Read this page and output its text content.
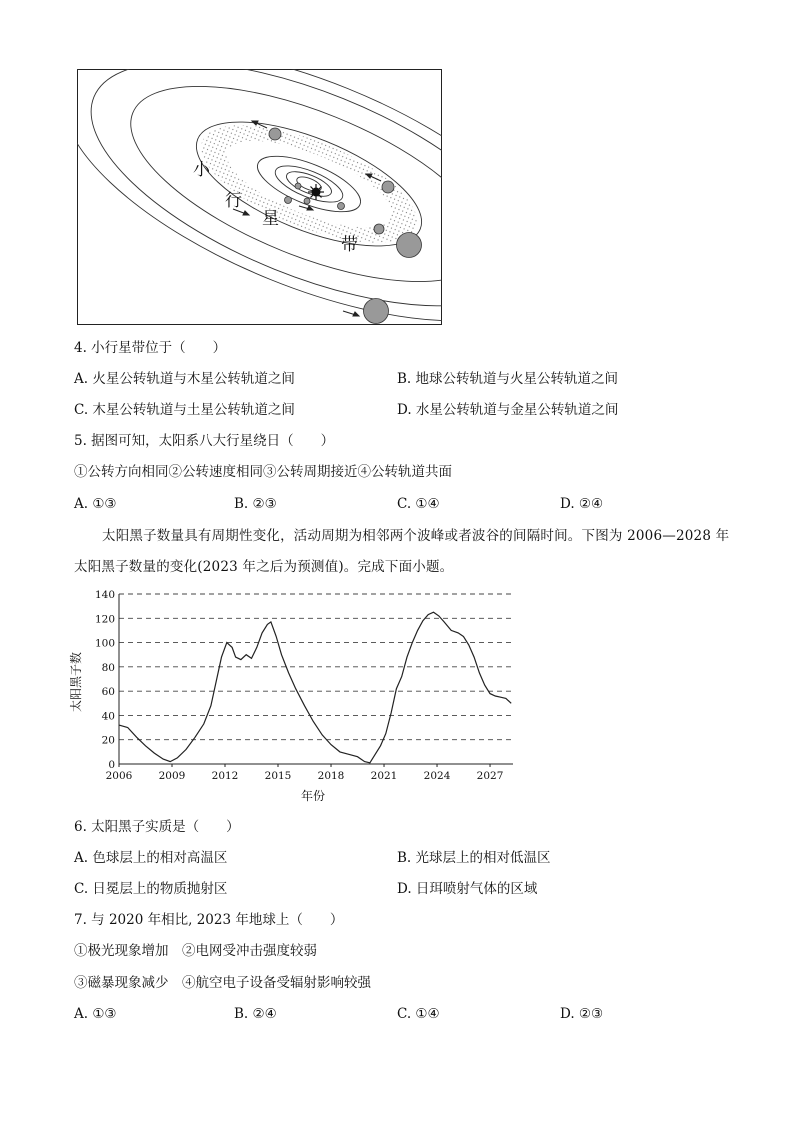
小
行
星
带
4. 小行星带位于（　　）
A. 火星公转轨道与木星公转轨道之间	B. 地球公转轨道与火星公转轨道之间
C. 木星公转轨道与土星公转轨道之间	D. 水星公转轨道与金星公转轨道之间
5. 据图可知，太阳系八大行星绕日（　　）
①公转方向相同②公转速度相同③公转周期接近④公转轨道共面
A. ①③	B. ②③	C. ①④	D. ②④
太阳黑子数量具有周期性变化，活动周期为相邻两个波峰或者波谷的间隔时间。下图为 2006—2028 年
太阳黑子数量的变化(2023 年之后为预测值)。完成下面小题。
0
20
40
60
80
100
120
140
2006	2009	2012	2015	2018	2021	2024	2027
太阳黑子数
年份
6. 太阳黑子实质是（　　）
A. 色球层上的相对高温区	B. 光球层上的相对低温区
C. 日冕层上的物质抛射区	D. 日珥喷射气体的区域
7. 与 2020 年相比, 2023 年地球上（　　）
①极光现象增加　②电网受冲击强度较弱
③磁暴现象减少　④航空电子设备受辐射影响较强
A. ①③	B. ②④	C. ①④	D. ②③
